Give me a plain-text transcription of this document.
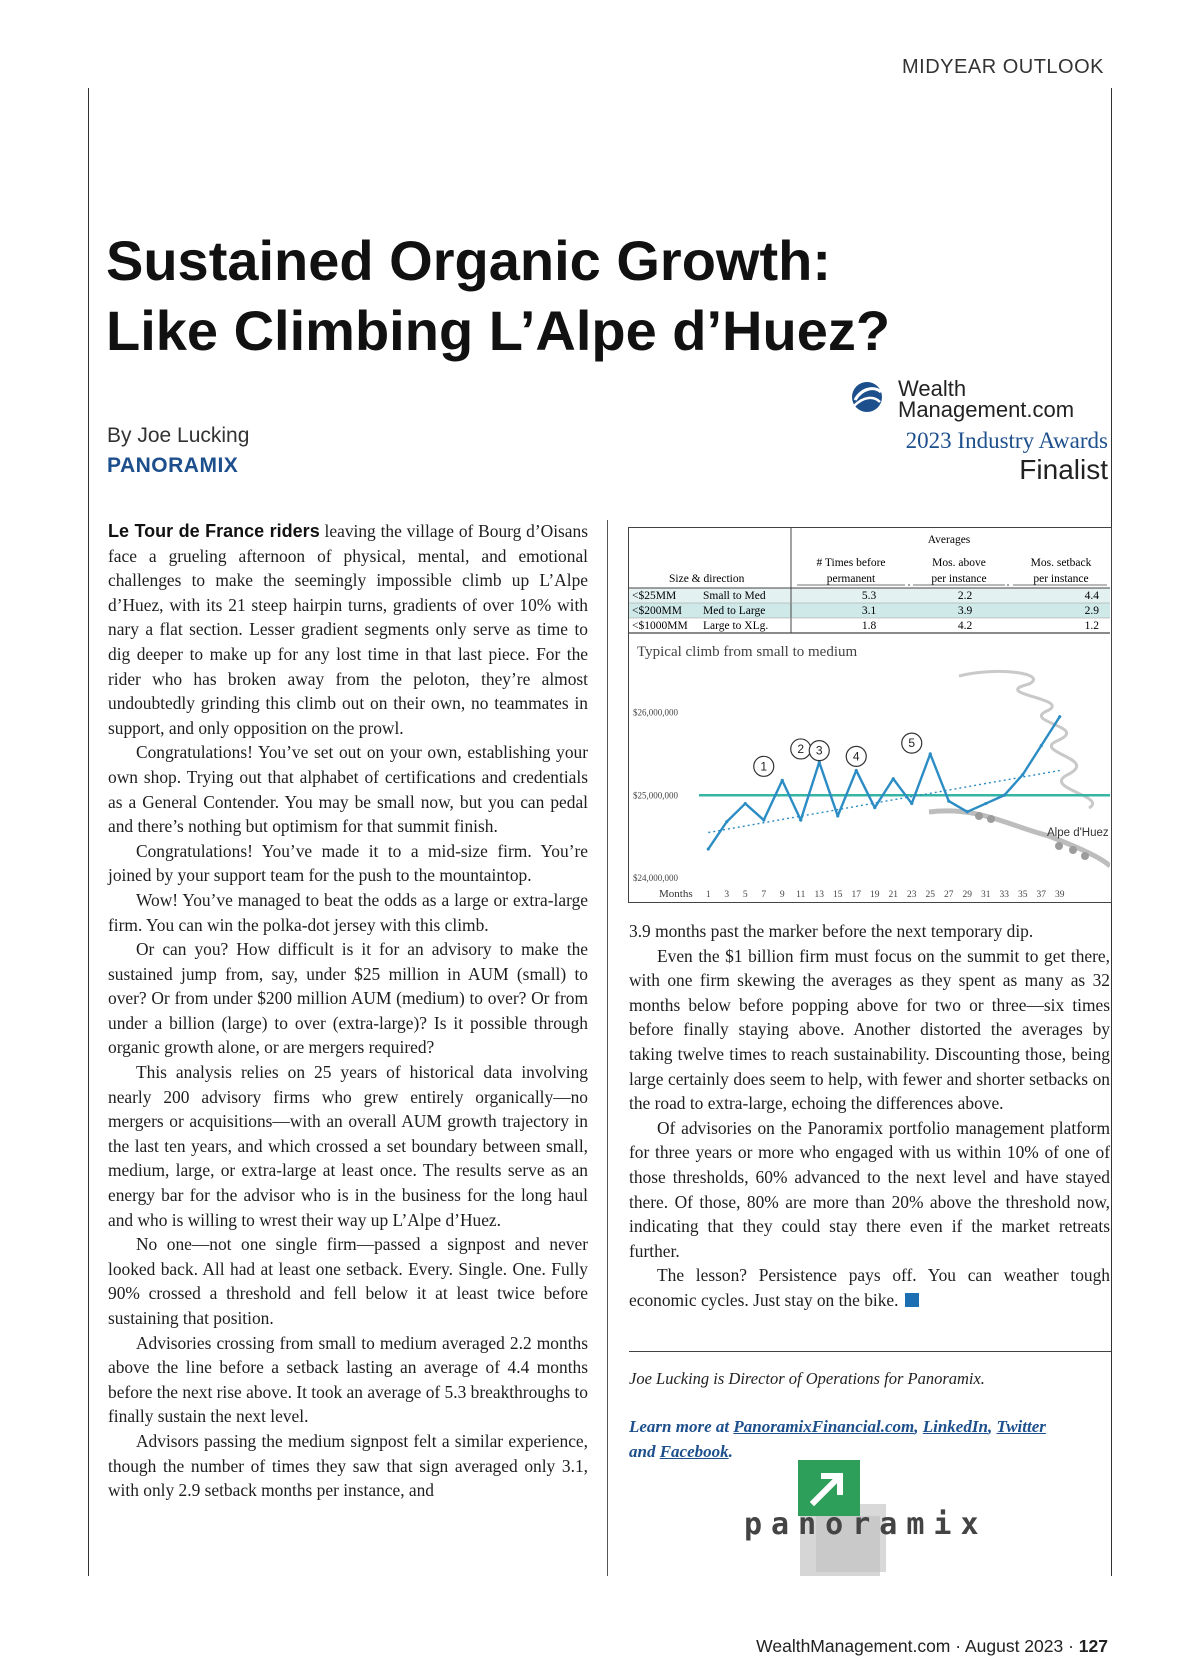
MIDYEAR OUTLOOK
Sustained Organic Growth:
Like Climbing L’Alpe d’Huez?
By Joe Lucking
PANORAMIX
Wealth
Management.com
2023 Industry Awards
Finalist

Le Tour de France riders leaving the village of Bourg d’Oisans face a grueling afternoon of physical, mental, and emotional challenges to make the seemingly impossible climb up L’Alpe d’Huez, with its 21 steep hairpin turns, gradients of over 10% with nary a flat section. Lesser gradient segments only serve as time to dig deeper to make up for any lost time in that last piece. For the rider who has broken away from the peloton, they’re almost undoubtedly grinding this climb out on their own, no teammates in support, and only opposition on the prowl.

Congratulations! You’ve set out on your own, establishing your own shop. Trying out that alphabet of certifications and credentials as a General Contender. You may be small now, but you can pedal and there’s nothing but optimism for that summit finish.

Congratulations! You’ve made it to a mid-size firm. You’re joined by your support team for the push to the mountaintop.

Wow! You’ve managed to beat the odds as a large or extra-large firm. You can win the polka-dot jersey with this climb.

Or can you? How difficult is it for an advisory to make the sustained jump from, say, under $25 million in AUM (small) to over? Or from under $200 million AUM (medium) to over? Or from under a billion (large) to over (extra-large)? Is it possible through organic growth alone, or are mergers required?

This analysis relies on 25 years of historical data involving nearly 200 advisory firms who grew entirely organically—no mergers or acquisitions—with an overall AUM growth trajectory in the last ten years, and which crossed a set boundary between small, medium, large, or extra-large at least once. The results serve as an energy bar for the advisor who is in the business for the long haul and who is willing to wrest their way up L’Alpe d’Huez.

No one—not one single firm—passed a signpost and never looked back. All had at least one setback. Every. Single. One. Fully 90% crossed a threshold and fell below it at least twice before sustaining that position.

Advisories crossing from small to medium averaged 2.2 months above the line before a setback lasting an average of 4.4 months before the next rise above. It took an average of 5.3 breakthroughs to finally sustain the next level.

Advisors passing the medium signpost felt a similar experience, though the number of times they saw that sign averaged only 3.1, with only 2.9 setback months per instance, and

Averages
Size & direction
# Times before
permanent
Mos. above
per instance
Mos. setback
per instance
<$25MM Small to Med	5.3	2.2	4.4
<$200MM Med to Large	3.1	3.9	2.9
<$1000MM Large to XLg.	1.8	4.2	1.2
Typical climb from small to medium
$24,000,000
$25,000,000
$26,000,000
Months 1 3 5 7 9 11 13 15 17 19 21 23 25 27 29 31 33 35 37 39
1
2 3	4
5
Alpe d'Huez

3.9 months past the marker before the next temporary dip.

Even the $1 billion firm must focus on the summit to get there, with one firm skewing the averages as they spent as many as 32 months below before popping above for two or three—six times before finally staying above. Another distorted the averages by taking twelve times to reach sustainability. Discounting those, being large certainly does seem to help, with fewer and shorter setbacks on the road to extra-large, echoing the differences above.

Of advisories on the Panoramix portfolio management platform for three years or more who engaged with us within 10% of one of those thresholds, 60% advanced to the next level and have stayed there. Of those, 80% are more than 20% above the threshold now, indicating that they could stay there even if the market retreats further.

The lesson? Persistence pays off. You can weather tough economic cycles. Just stay on the bike.

Joe Lucking is Director of Operations for Panoramix.
Learn more at PanoramixFinancial.com, LinkedIn, Twitter
and Facebook.
panoramix
WealthManagement.com · August 2023 · 127
